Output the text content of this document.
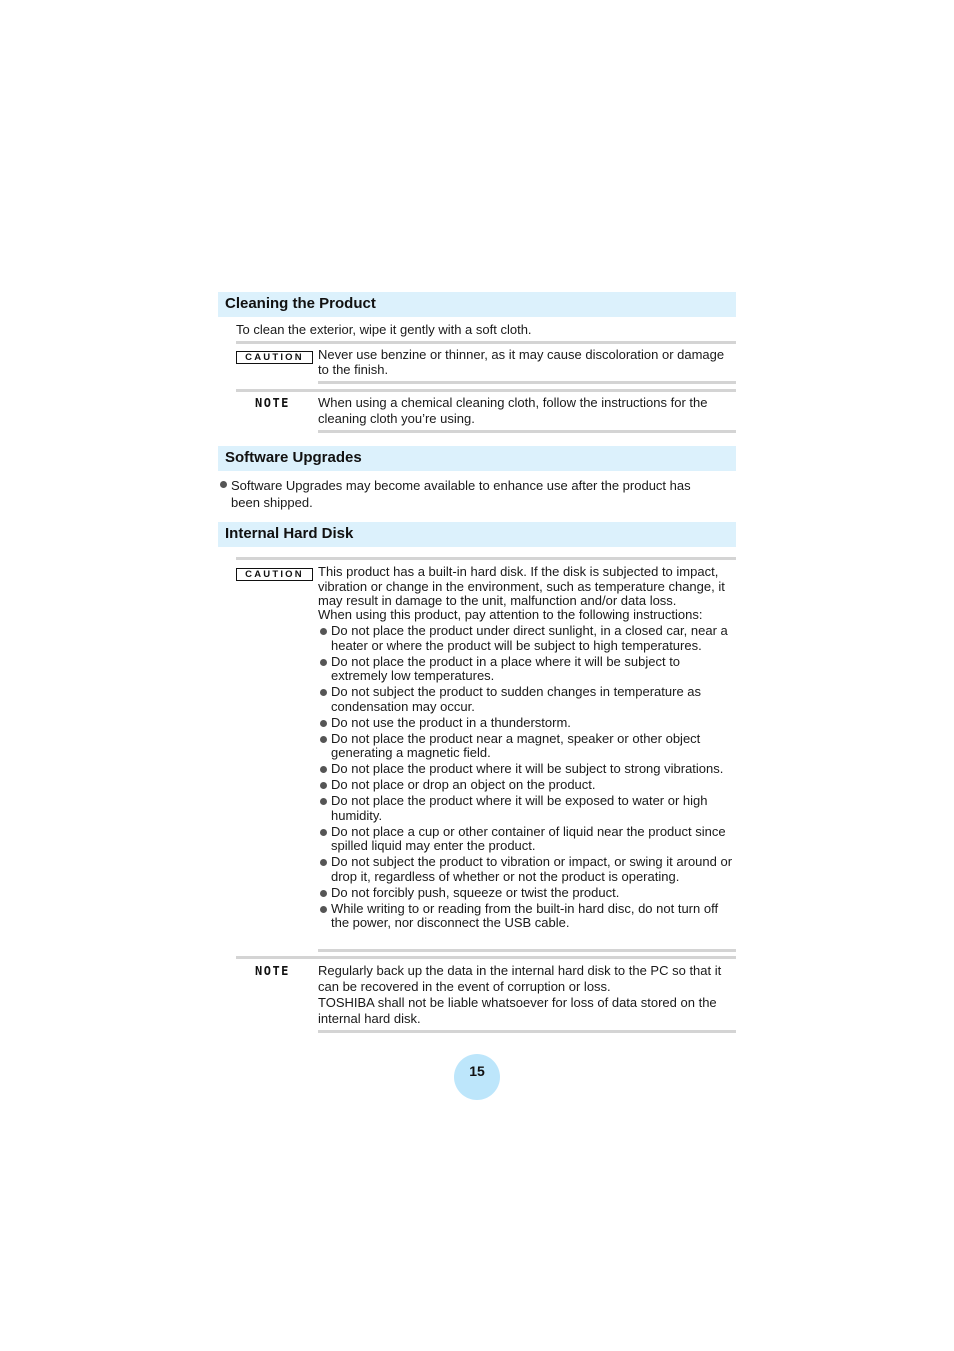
Cleaning the Product
To clean the exterior, wipe it gently with a soft cloth.
CAUTION	Never use benzine or thinner, as it may cause discoloration or damage to the finish.
NOTE	When using a chemical cleaning cloth, follow the instructions for the cleaning cloth you’re using.
Software Upgrades
Software Upgrades may become available to enhance use after the product has been shipped.
Internal Hard Disk
CAUTION	This product has a built-in hard disk. If the disk is subjected to impact, vibration or change in the environment, such as temperature change, it may result in damage to the unit, malfunction and/or data loss.
When using this product, pay attention to the following instructions:
Do not place the product under direct sunlight, in a closed car, near a heater or where the product will be subject to high temperatures.
Do not place the product in a place where it will be subject to extremely low temperatures.
Do not subject the product to sudden changes in temperature as condensation may occur.
Do not use the product in a thunderstorm.
Do not place the product near a magnet, speaker or other object generating a magnetic field.
Do not place the product where it will be subject to strong vibrations.
Do not place or drop an object on the product.
Do not place the product where it will be exposed to water or high humidity.
Do not place a cup or other container of liquid near the product since spilled liquid may enter the product.
Do not subject the product to vibration or impact, or swing it around or drop it, regardless of whether or not the product is operating.
Do not forcibly push, squeeze or twist the product.
While writing to or reading from the built-in hard disc, do not turn off the power, nor disconnect the USB cable.
NOTE	Regularly back up the data in the internal hard disk to the PC so that it can be recovered in the event of corruption or loss.
TOSHIBA shall not be liable whatsoever for loss of data stored on the internal hard disk.
15
